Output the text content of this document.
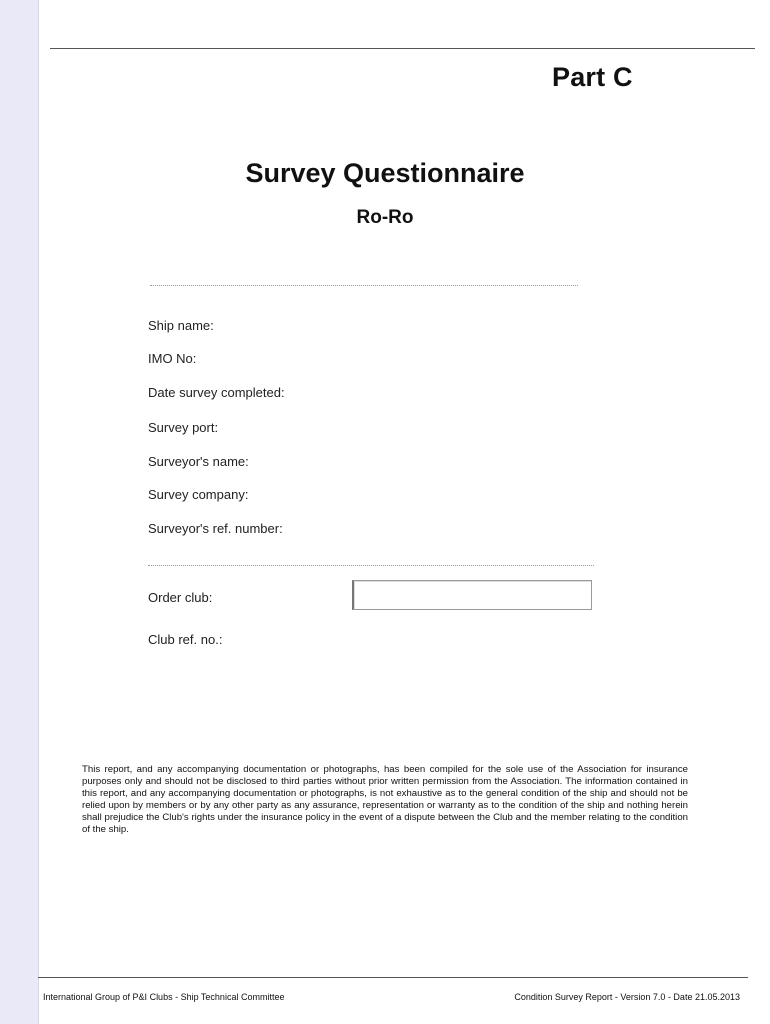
Part C
Survey Questionnaire
Ro-Ro
Ship name:
IMO No:
Date survey completed:
Survey port:
Surveyor's name:
Survey company:
Surveyor's ref. number:
Order club:
Club ref. no.:
This report, and any accompanying documentation or photographs, has been compiled for the sole use of the Association for insurance purposes only and should not be disclosed to third parties without prior written permission from the Association. The information contained in this report, and any accompanying documentation or photographs, is not exhaustive as to the general condition of the ship and should not be relied upon by members or by any other party as any assurance, representation or warranty as to the condition of the ship and nothing herein shall prejudice the Club's rights under the insurance policy in the event of a dispute between the Club and the member relating to the condition of the ship.
International Group of P&I Clubs - Ship Technical Committee	Condition Survey Report - Version 7.0 - Date 21.05.2013
